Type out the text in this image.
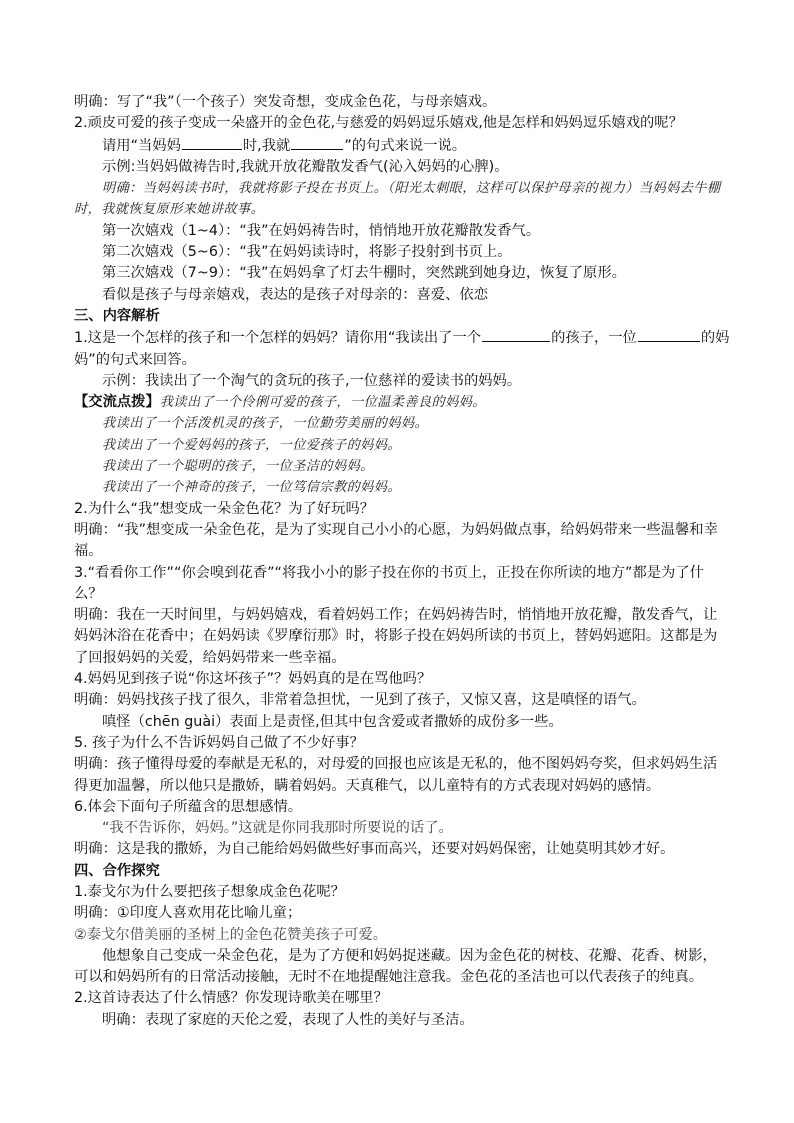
明确：写了“我”（一个孩子）突发奇想，变成金色花，与母亲嬉戏。
2.顽皮可爱的孩子变成一朵盛开的金色花,与慈爱的妈妈逗乐嬉戏,他是怎样和妈妈逗乐嬉戏的呢？
请用“当妈妈	时,我就	”的句式来说一说。
示例:当妈妈做祷告时,我就开放花瓣散发香气(沁入妈妈的心脾)。
明确：当妈妈读书时，我就将影子投在书页上。（阳光太刺眼，这样可以保护母亲的视力）当妈妈去牛棚
时，我就恢复原形来她讲故事。
第一次嬉戏（1~4）：“我”在妈妈祷告时，悄悄地开放花瓣散发香气。
第二次嬉戏（5~6）：“我”在妈妈读诗时，将影子投射到书页上。
第三次嬉戏（7~9）：“我”在妈妈拿了灯去牛棚时，突然跳到她身边，恢复了原形。
看似是孩子与母亲嬉戏，表达的是孩子对母亲的：喜爱、依恋
三、内容解析
1.这是一个怎样的孩子和一个怎样的妈妈？请你用“我读出了一个	的孩子，一位	的妈
妈”的句式来回答。
示例：我读出了一个淘气的贪玩的孩子,一位慈祥的爱读书的妈妈。
【交流点拨】我读出了一个伶俐可爱的孩子，一位温柔善良的妈妈。
我读出了一个活泼机灵的孩子，一位勤劳美丽的妈妈。
我读出了一个爱妈妈的孩子，一位爱孩子的妈妈。
我读出了一个聪明的孩子，一位圣洁的妈妈。
我读出了一个神奇的孩子，一位笃信宗教的妈妈。
2.为什么“我”想变成一朵金色花？为了好玩吗？
明确：“我”想变成一朵金色花，是为了实现自己小小的心愿，为妈妈做点事，给妈妈带来一些温馨和幸福。
3.“看看你工作”“你会嗅到花香”“将我小小的影子投在你的书页上，正投在你所读的地方”都是为了什么？
明确：我在一天时间里，与妈妈嬉戏，看着妈妈工作；在妈妈祷告时，悄悄地开放花瓣，散发香气，让妈妈沐浴在花香中；在妈妈读《罗摩衍那》时，将影子投在妈妈所读的书页上，替妈妈遮阳。这都是为了回报妈妈的关爱，给妈妈带来一些幸福。
4.妈妈见到孩子说“你这坏孩子”？妈妈真的是在骂他吗？
明确：妈妈找孩子找了很久，非常着急担忧，一见到了孩子，又惊又喜，这是嗔怪的语气。
嗔怪（chēn guài）表面上是责怪,但其中包含爱或者撒娇的成份多一些。
5. 孩子为什么不告诉妈妈自己做了不少好事？
明确：孩子懂得母爱的奉献是无私的，对母爱的回报也应该是无私的，他不图妈妈夸奖，但求妈妈生活得更加温馨，所以他只是撒娇，瞒着妈妈。天真稚气，以儿童特有的方式表现对妈妈的感情。
6.体会下面句子所蕴含的思想感情。
“我不告诉你，妈妈。”这就是你同我那时所要说的话了。
明确：这是我的撒娇，为自己能给妈妈做些好事而高兴，还要对妈妈保密，让她莫明其妙才好。
四、合作探究
1.泰戈尔为什么要把孩子想象成金色花呢？
明确：①印度人喜欢用花比喻儿童；
②泰戈尔借美丽的圣树上的金色花赞美孩子可爱。
他想象自己变成一朵金色花，是为了方便和妈妈捉迷藏。因为金色花的树枝、花瓣、花香、树影，可以和妈妈所有的日常活动接触，无时不在地提醒她注意我。金色花的圣洁也可以代表孩子的纯真。
2.这首诗表达了什么情感？你发现诗歌美在哪里？
明确：表现了家庭的天伦之爱，表现了人性的美好与圣洁。
